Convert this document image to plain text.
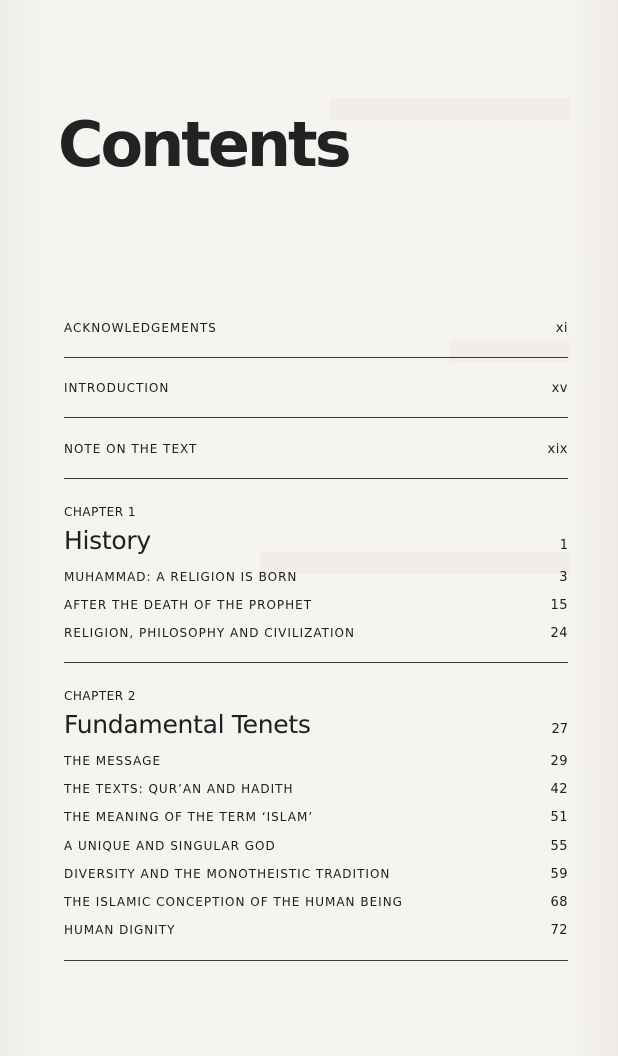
Contents
ACKNOWLEDGEMENTS	xi
INTRODUCTION	xv
NOTE ON THE TEXT	xix
CHAPTER 1
History	1
MUHAMMAD: A RELIGION IS BORN	3
AFTER THE DEATH OF THE PROPHET	15
RELIGION, PHILOSOPHY AND CIVILIZATION	24
CHAPTER 2
Fundamental Tenets	27
THE MESSAGE	29
THE TEXTS: QUR’AN AND HADITH	42
THE MEANING OF THE TERM ‘ISLAM’	51
A UNIQUE AND SINGULAR GOD	55
DIVERSITY AND THE MONOTHEISTIC TRADITION	59
THE ISLAMIC CONCEPTION OF THE HUMAN BEING	68
HUMAN DIGNITY	72
